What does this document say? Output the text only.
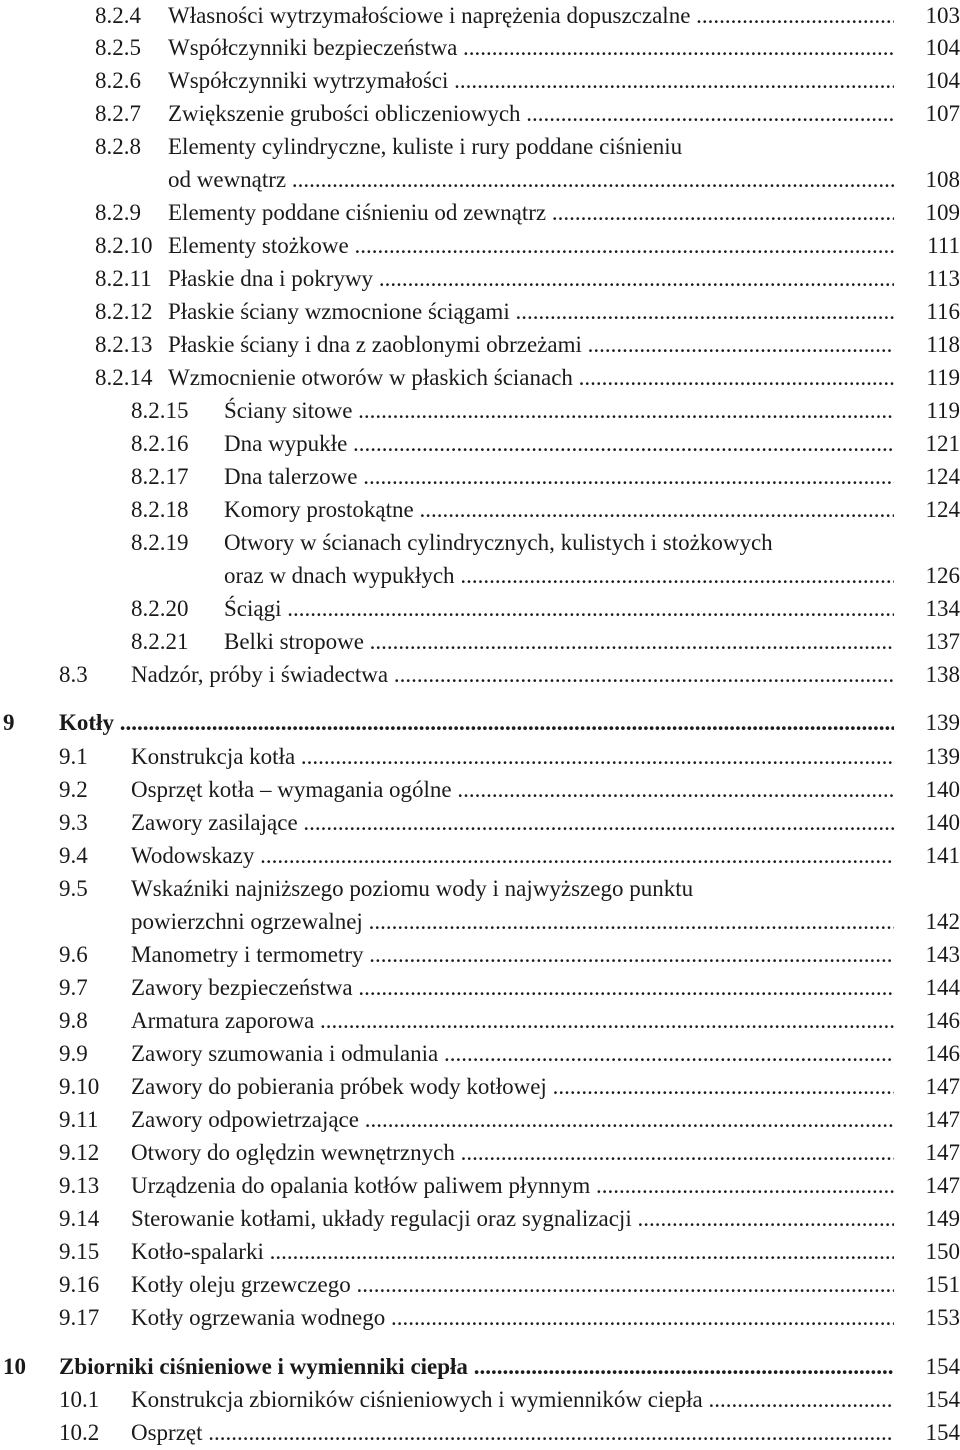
8.2.4 Własności wytrzymałościowe i naprężenia dopuszczalne .....	103
8.2.5 Współczynniki bezpieczeństwa .....	104
8.2.6 Współczynniki wytrzymałości .....	104
8.2.7 Zwiększenie grubości obliczeniowych .....	107
8.2.8 Elementy cylindryczne, kuliste i rury poddane ciśnieniu
od wewnątrz .....	108
8.2.9 Elementy poddane ciśnieniu od zewnątrz .....	109
8.2.10 Elementy stożkowe .....	111
8.2.11 Płaskie dna i pokrywy .....	113
8.2.12 Płaskie ściany wzmocnione ściągami .....	116
8.2.13 Płaskie ściany i dna z zaoblonymi obrzeżami .....	118
8.2.14 Wzmocnienie otworów w płaskich ścianach .....	119
8.2.15 Ściany sitowe .....	119
8.2.16 Dna wypukłe .....	121
8.2.17 Dna talerzowe .....	124
8.2.18 Komory prostokątne .....	124
8.2.19 Otwory w ścianach cylindrycznych, kulistych i stożkowych
oraz w dnach wypukłych .....	126
8.2.20 Ściągi .....	134
8.2.21 Belki stropowe .....	137
8.3 Nadzór, próby i świadectwa .....	138
9 Kotły .....	139
9.1 Konstrukcja kotła .....	139
9.2 Osprzęt kotła – wymagania ogólne .....	140
9.3 Zawory zasilające .....	140
9.4 Wodowskazy .....	141
9.5 Wskaźniki najniższego poziomu wody i najwyższego punktu
powierzchni ogrzewalnej .....	142
9.6 Manometry i termometry .....	143
9.7 Zawory bezpieczeństwa .....	144
9.8 Armatura zaporowa .....	146
9.9 Zawory szumowania i odmulania .....	146
9.10 Zawory do pobierania próbek wody kotłowej .....	147
9.11 Zawory odpowietrzające .....	147
9.12 Otwory do oględzin wewnętrznych .....	147
9.13 Urządzenia do opalania kotłów paliwem płynnym .....	147
9.14 Sterowanie kotłami, układy regulacji oraz sygnalizacji .....	149
9.15 Kotło-spalarki .....	150
9.16 Kotły oleju grzewczego .....	151
9.17 Kotły ogrzewania wodnego .....	153
10 Zbiorniki ciśnieniowe i wymienniki ciepła .....	154
10.1 Konstrukcja zbiorników ciśnieniowych i wymienników ciepła .....	154
10.2 Osprzęt .....	154
